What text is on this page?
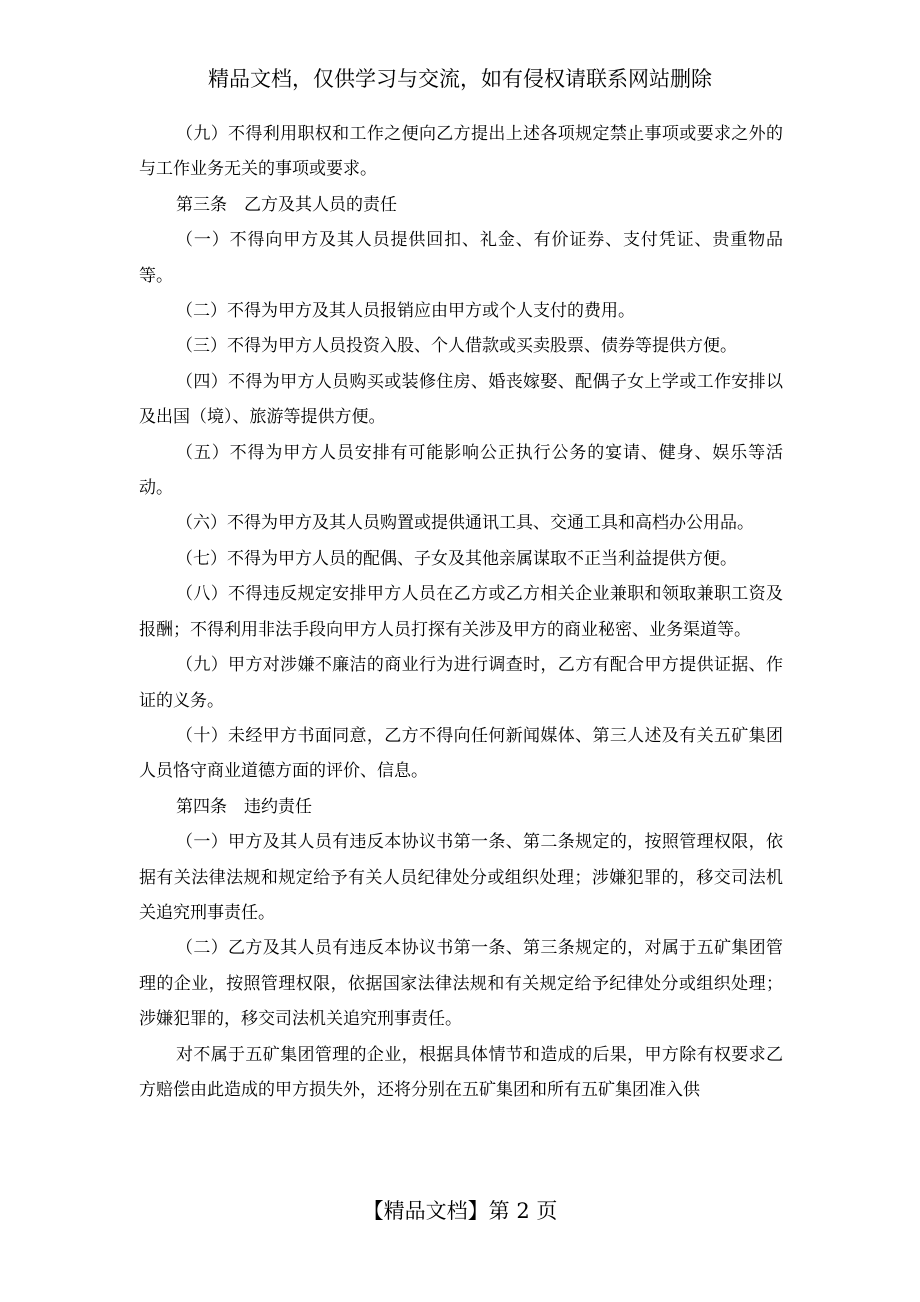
精品文档，仅供学习与交流，如有侵权请联系网站删除

（九）不得利用职权和工作之便向乙方提出上述各项规定禁止事项或要求之外的与工作业务无关的事项或要求。

第三条　乙方及其人员的责任

（一）不得向甲方及其人员提供回扣、礼金、有价证券、支付凭证、贵重物品等。

（二）不得为甲方及其人员报销应由甲方或个人支付的费用。

（三）不得为甲方人员投资入股、个人借款或买卖股票、债券等提供方便。

（四）不得为甲方人员购买或装修住房、婚丧嫁娶、配偶子女上学或工作安排以及出国（境）、旅游等提供方便。

（五）不得为甲方人员安排有可能影响公正执行公务的宴请、健身、娱乐等活动。

（六）不得为甲方及其人员购置或提供通讯工具、交通工具和高档办公用品。

（七）不得为甲方人员的配偶、子女及其他亲属谋取不正当利益提供方便。

（八）不得违反规定安排甲方人员在乙方或乙方相关企业兼职和领取兼职工资及报酬；不得利用非法手段向甲方人员打探有关涉及甲方的商业秘密、业务渠道等。

（九）甲方对涉嫌不廉洁的商业行为进行调查时，乙方有配合甲方提供证据、作证的义务。

（十）未经甲方书面同意，乙方不得向任何新闻媒体、第三人述及有关五矿集团人员恪守商业道德方面的评价、信息。

第四条　违约责任

（一）甲方及其人员有违反本协议书第一条、第二条规定的，按照管理权限，依据有关法律法规和规定给予有关人员纪律处分或组织处理；涉嫌犯罪的，移交司法机关追究刑事责任。

（二）乙方及其人员有违反本协议书第一条、第三条规定的，对属于五矿集团管理的企业，按照管理权限，依据国家法律法规和有关规定给予纪律处分或组织处理；涉嫌犯罪的，移交司法机关追究刑事责任。

对不属于五矿集团管理的企业，根据具体情节和造成的后果，甲方除有权要求乙方赔偿由此造成的甲方损失外，还将分别在五矿集团和所有五矿集团准入供

【精品文档】第 2 页
